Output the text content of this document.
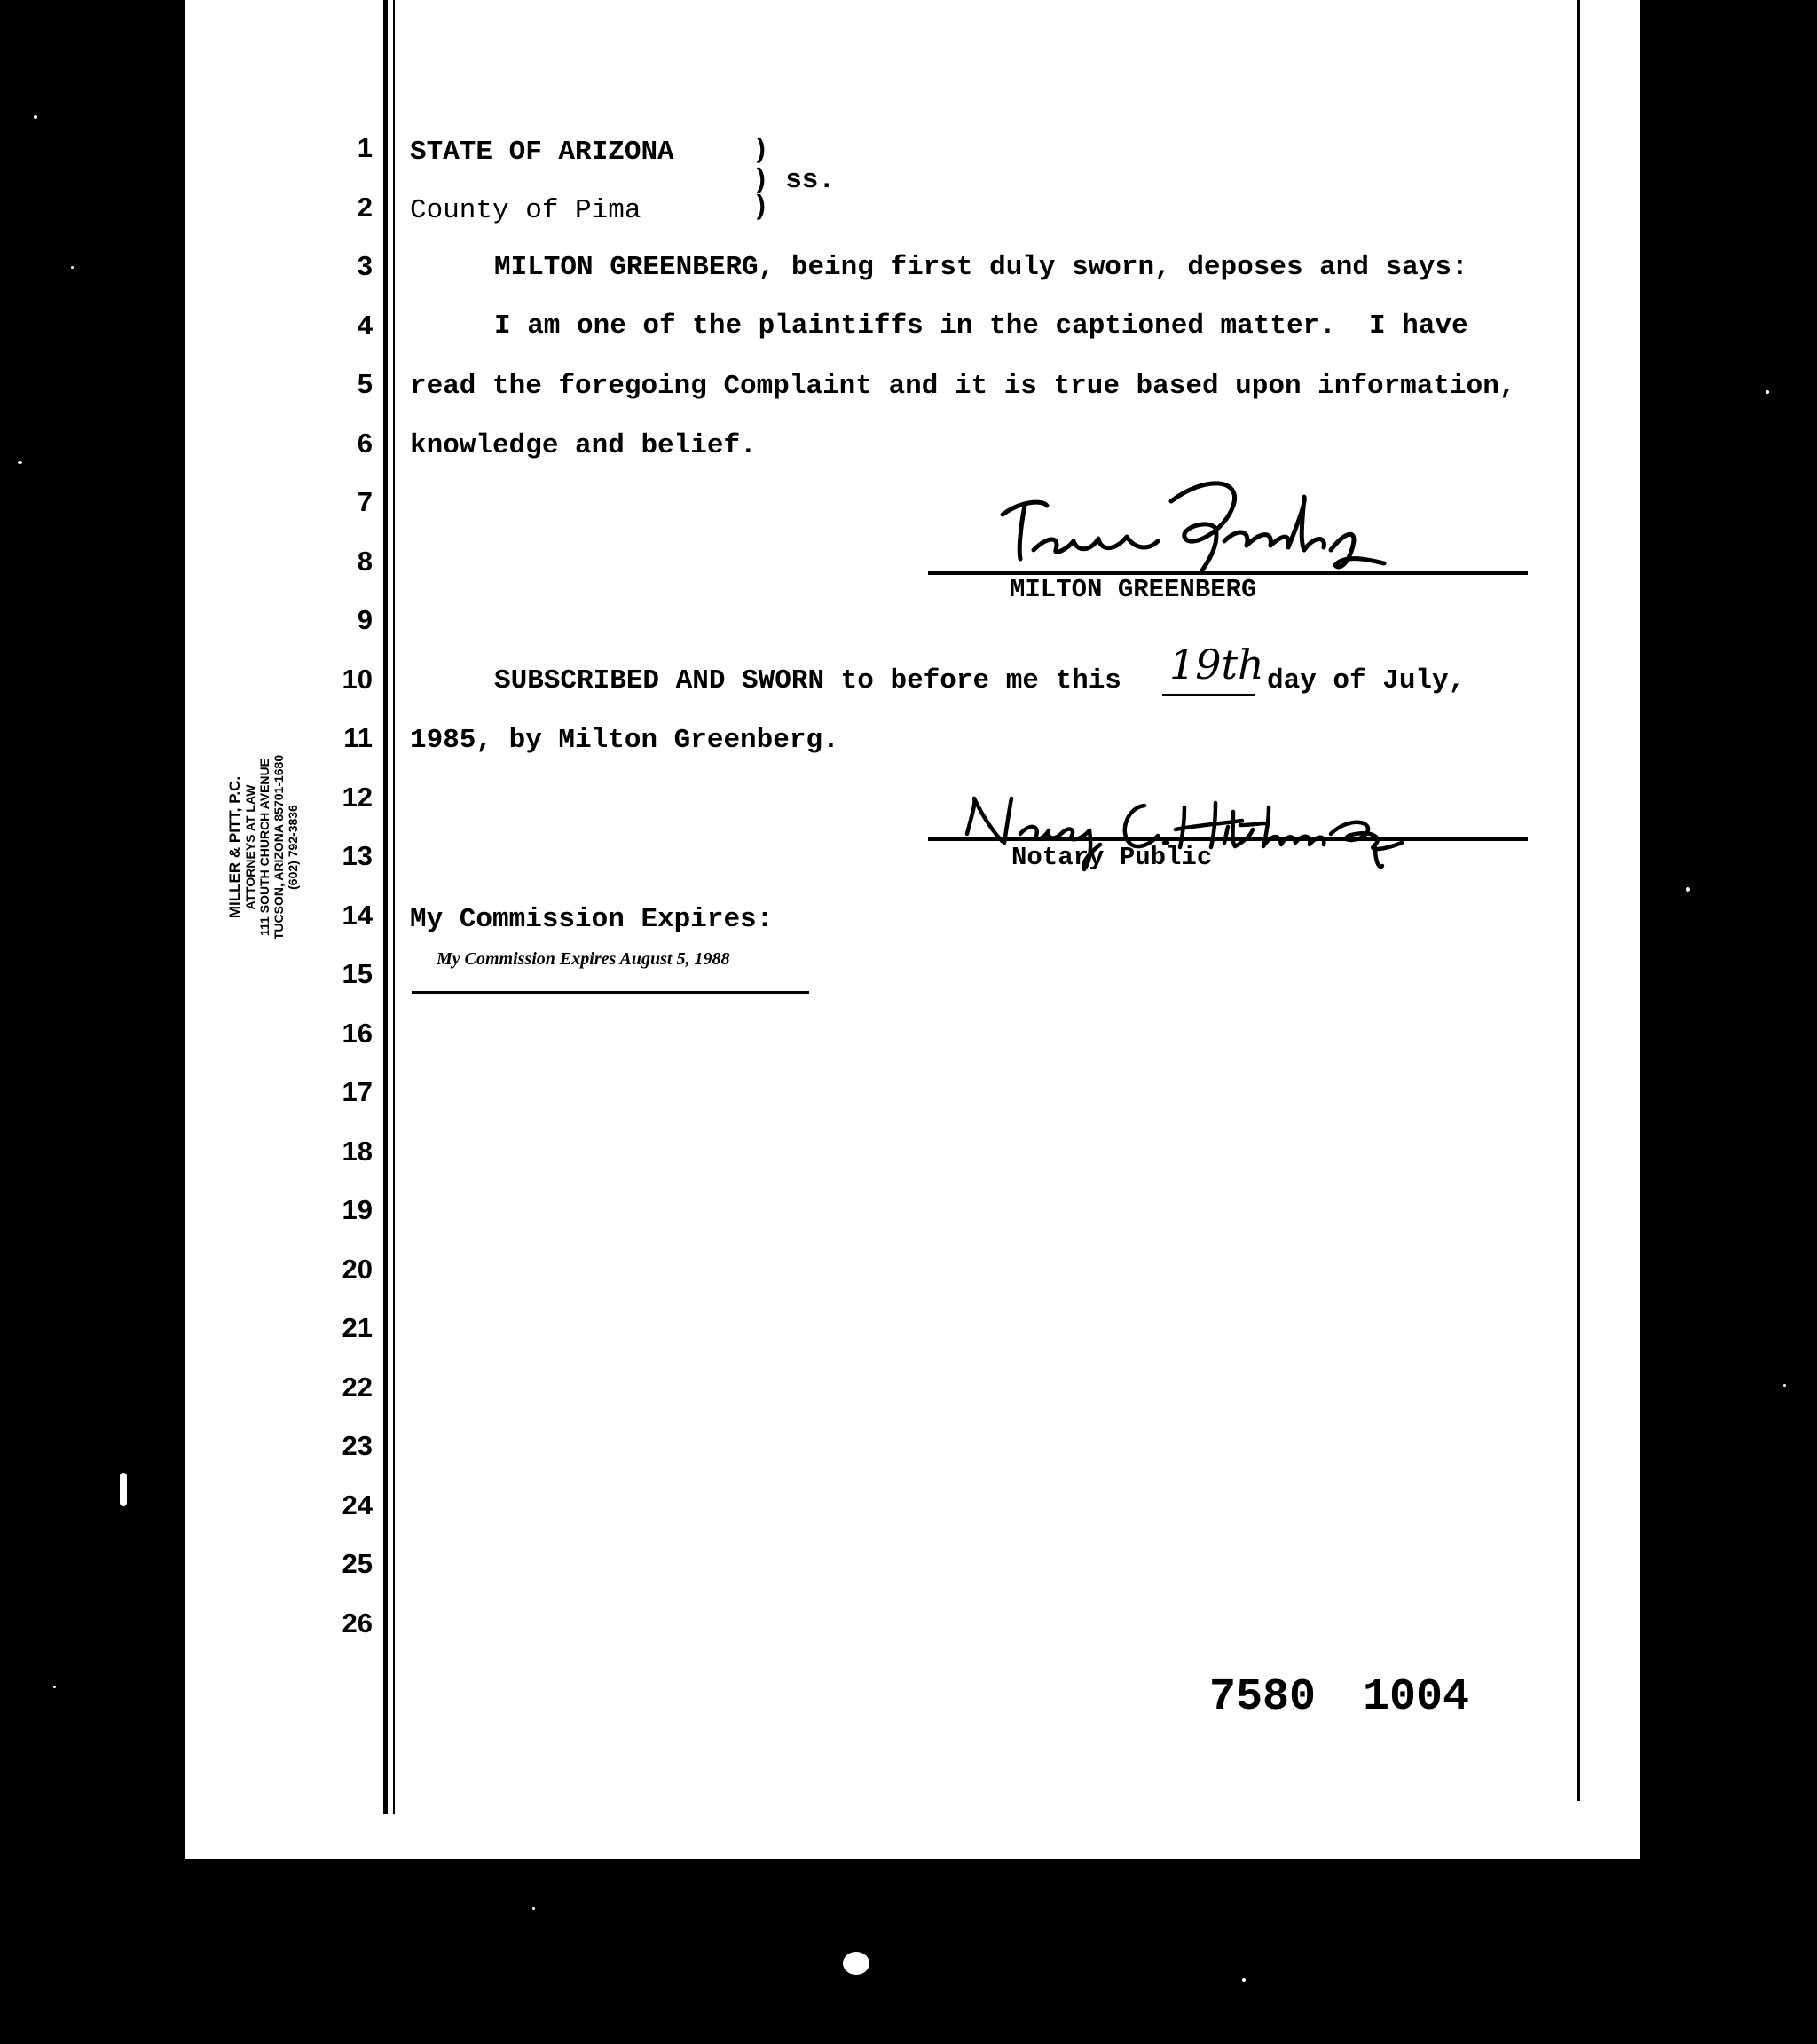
1
2
3
4
5
6
7
8
9
10
11
12
13
14
15
16
17
18
19
20
21
22
23
24
25
26
STATE OF ARIZONA	)
) ss.
County of Pima	)
MILTON GREENBERG, being first duly sworn, deposes and says:
I am one of the plaintiffs in the captioned matter.  I have
read the foregoing Complaint and it is true based upon information,
knowledge and belief.
MILTON GREENBERG
SUBSCRIBED AND SWORN to before me this 19th day of July,
1985, by Milton Greenberg.
Notary Public
My Commission Expires:
My Commission Expires August 5, 1988
MILLER & PITT, P.C. ATTORNEYS AT LAW 111 SOUTH CHURCH AVENUE TUCSON, ARIZONA 85701-1680 (602) 792-3836
7580 1004
